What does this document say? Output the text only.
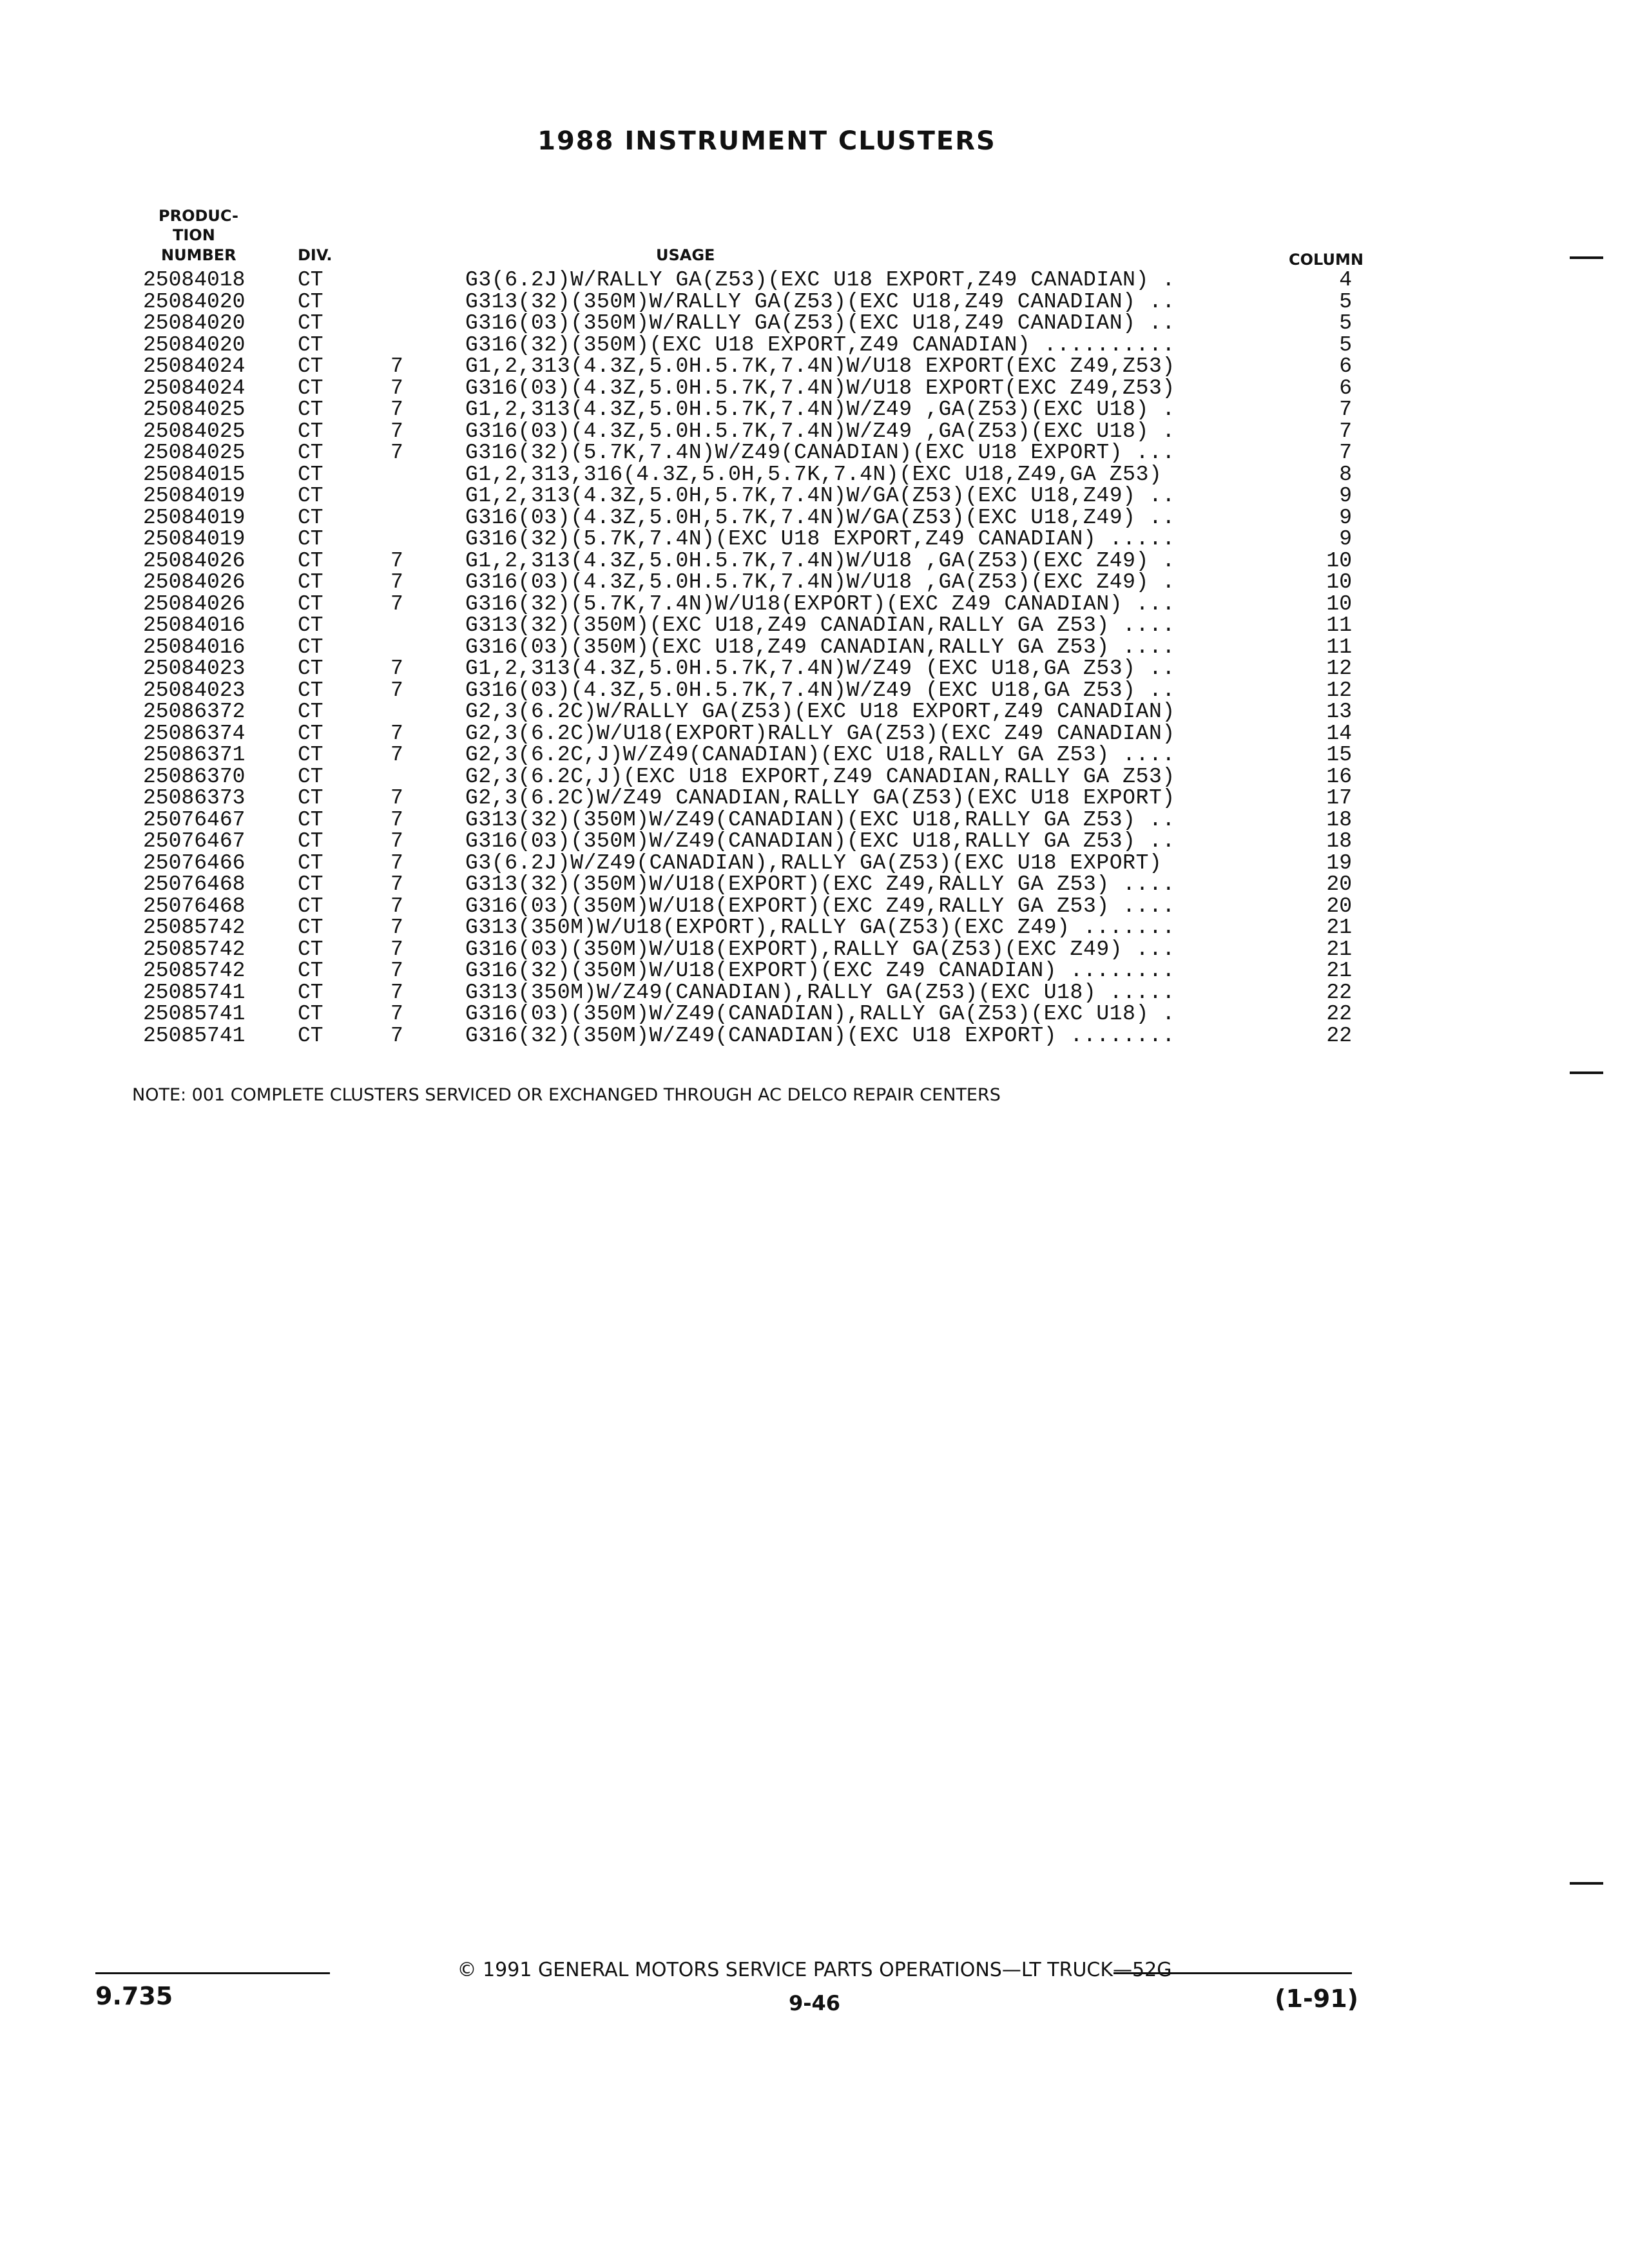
1988 INSTRUMENT CLUSTERS
PRODUC-
TION
NUMBER	DIV.	USAGE	COLUMN
25084018 CT	G3(6.2J)W/RALLY GA(Z53)(EXC U18 EXPORT,Z49 CANADIAN) .	4
25084020 CT	G313(32)(350M)W/RALLY GA(Z53)(EXC U18,Z49 CANADIAN) ..	5
25084020 CT	G316(03)(350M)W/RALLY GA(Z53)(EXC U18,Z49 CANADIAN) ..	5
25084020 CT	G316(32)(350M)(EXC U18 EXPORT,Z49 CANADIAN) ..........	5
25084024 CT	7	G1,2,313(4.3Z,5.0H.5.7K,7.4N)W/U18 EXPORT(EXC Z49,Z53)	6
25084024 CT	7	G316(03)(4.3Z,5.0H.5.7K,7.4N)W/U18 EXPORT(EXC Z49,Z53)	6
25084025 CT	7	G1,2,313(4.3Z,5.0H.5.7K,7.4N)W/Z49 ,GA(Z53)(EXC U18) .	7
25084025 CT	7	G316(03)(4.3Z,5.0H.5.7K,7.4N)W/Z49 ,GA(Z53)(EXC U18) .	7
25084025 CT	7	G316(32)(5.7K,7.4N)W/Z49(CANADIAN)(EXC U18 EXPORT) ...	7
25084015 CT	G1,2,313,316(4.3Z,5.0H,5.7K,7.4N)(EXC U18,Z49,GA Z53)	8
25084019 CT	G1,2,313(4.3Z,5.0H,5.7K,7.4N)W/GA(Z53)(EXC U18,Z49) ..	9
25084019 CT	G316(03)(4.3Z,5.0H,5.7K,7.4N)W/GA(Z53)(EXC U18,Z49) ..	9
25084019 CT	G316(32)(5.7K,7.4N)(EXC U18 EXPORT,Z49 CANADIAN) .....	9
25084026 CT	7	G1,2,313(4.3Z,5.0H.5.7K,7.4N)W/U18 ,GA(Z53)(EXC Z49) .	10
25084026 CT	7	G316(03)(4.3Z,5.0H.5.7K,7.4N)W/U18 ,GA(Z53)(EXC Z49) .	10
25084026 CT	7	G316(32)(5.7K,7.4N)W/U18(EXPORT)(EXC Z49 CANADIAN) ...	10
25084016 CT	G313(32)(350M)(EXC U18,Z49 CANADIAN,RALLY GA Z53) ....	11
25084016 CT	G316(03)(350M)(EXC U18,Z49 CANADIAN,RALLY GA Z53) ....	11
25084023 CT	7	G1,2,313(4.3Z,5.0H.5.7K,7.4N)W/Z49 (EXC U18,GA Z53) ..	12
25084023 CT	7	G316(03)(4.3Z,5.0H.5.7K,7.4N)W/Z49 (EXC U18,GA Z53) ..	12
25086372 CT	G2,3(6.2C)W/RALLY GA(Z53)(EXC U18 EXPORT,Z49 CANADIAN)	13
25086374 CT	7	G2,3(6.2C)W/U18(EXPORT)RALLY GA(Z53)(EXC Z49 CANADIAN)	14
25086371 CT	7	G2,3(6.2C,J)W/Z49(CANADIAN)(EXC U18,RALLY GA Z53) ....	15
25086370 CT	G2,3(6.2C,J)(EXC U18 EXPORT,Z49 CANADIAN,RALLY GA Z53)	16
25086373 CT	7	G2,3(6.2C)W/Z49 CANADIAN,RALLY GA(Z53)(EXC U18 EXPORT)	17
25076467 CT	7	G313(32)(350M)W/Z49(CANADIAN)(EXC U18,RALLY GA Z53) ..	18
25076467 CT	7	G316(03)(350M)W/Z49(CANADIAN)(EXC U18,RALLY GA Z53) ..	18
25076466 CT	7	G3(6.2J)W/Z49(CANADIAN),RALLY GA(Z53)(EXC U18 EXPORT)	19
25076468 CT	7	G313(32)(350M)W/U18(EXPORT)(EXC Z49,RALLY GA Z53) ....	20
25076468 CT	7	G316(03)(350M)W/U18(EXPORT)(EXC Z49,RALLY GA Z53) ....	20
25085742 CT	7	G313(350M)W/U18(EXPORT),RALLY GA(Z53)(EXC Z49) .......	21
25085742 CT	7	G316(03)(350M)W/U18(EXPORT),RALLY GA(Z53)(EXC Z49) ...	21
25085742 CT	7	G316(32)(350M)W/U18(EXPORT)(EXC Z49 CANADIAN) ........	21
25085741 CT	7	G313(350M)W/Z49(CANADIAN),RALLY GA(Z53)(EXC U18) .....	22
25085741 CT	7	G316(03)(350M)W/Z49(CANADIAN),RALLY GA(Z53)(EXC U18) .	22
25085741 CT	7	G316(32)(350M)W/Z49(CANADIAN)(EXC U18 EXPORT) ........	22
NOTE: 001 COMPLETE CLUSTERS SERVICED OR EXCHANGED THROUGH AC DELCO REPAIR CENTERS
© 1991 GENERAL MOTORS SERVICE PARTS OPERATIONS—LT TRUCK—52G
9.735	9-46	(1-91)
